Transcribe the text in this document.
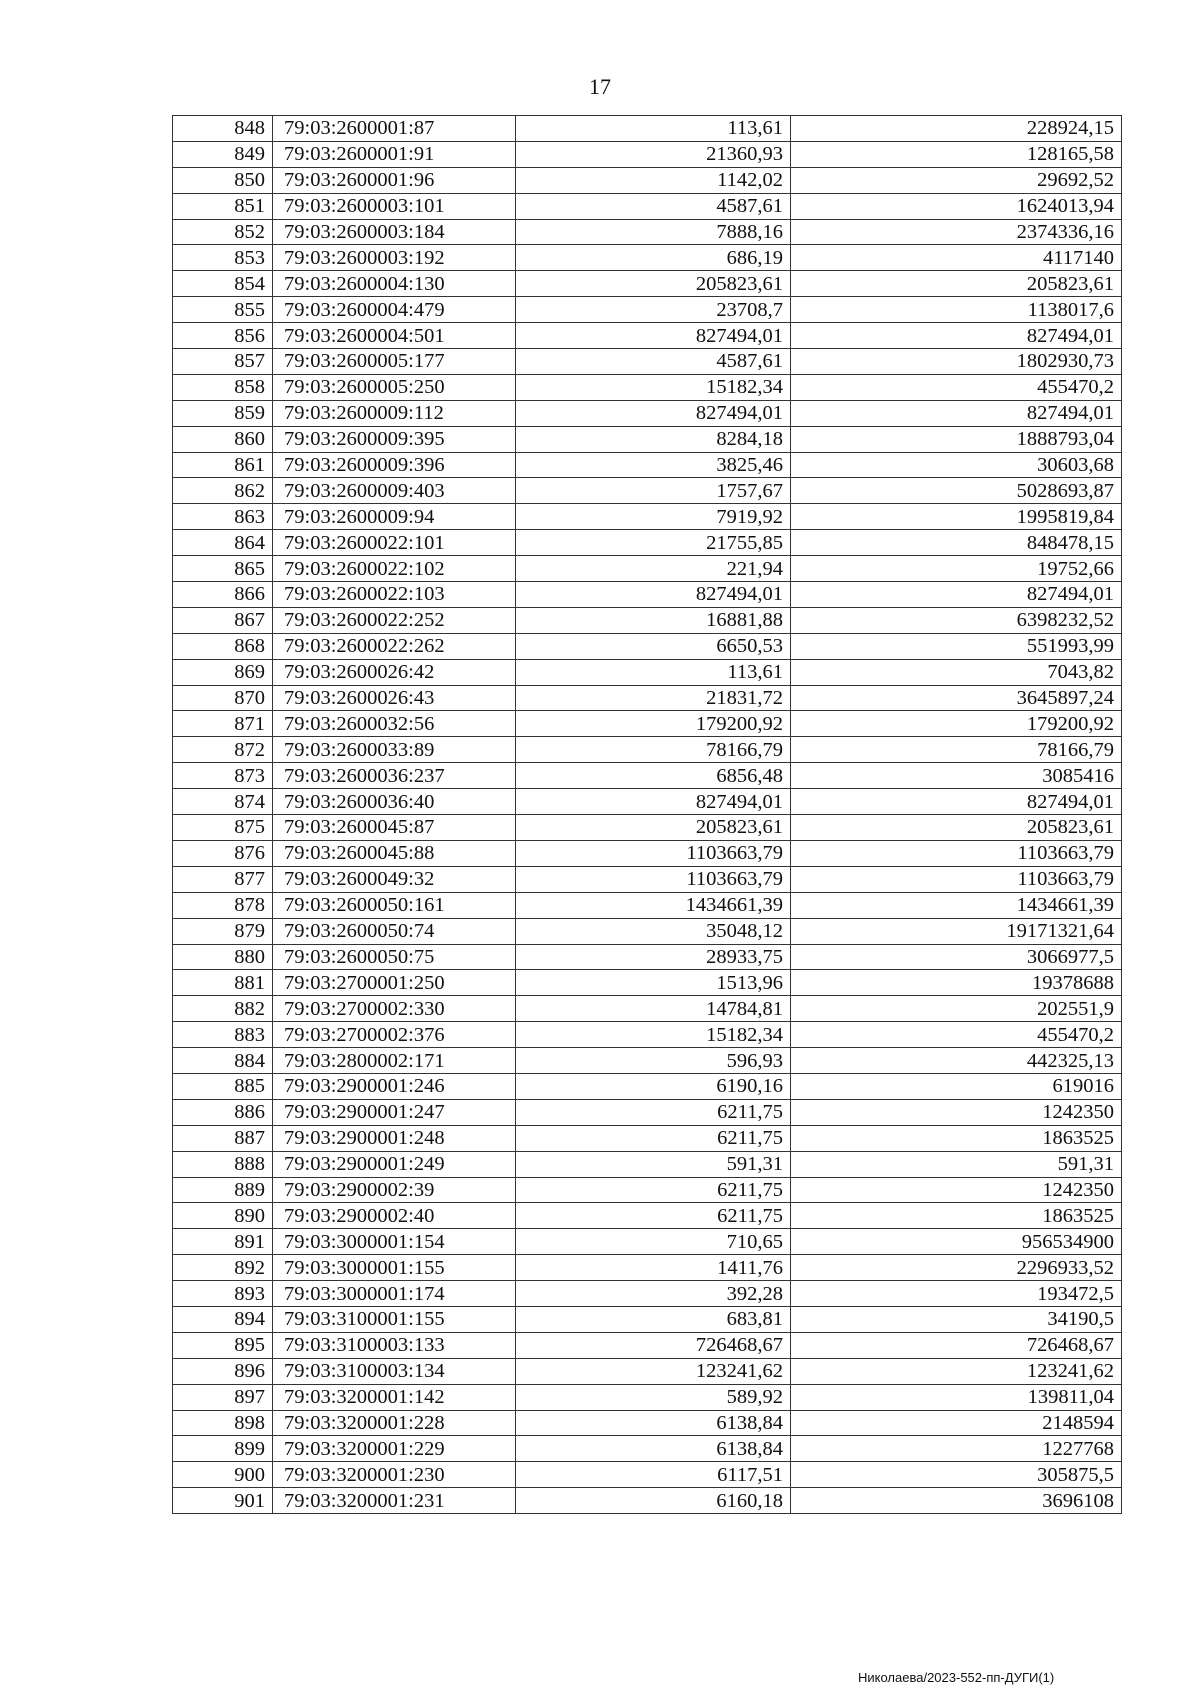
17
848	79:03:2600001:87	113,61	228924,15
849	79:03:2600001:91	21360,93	128165,58
850	79:03:2600001:96	1142,02	29692,52
851	79:03:2600003:101	4587,61	1624013,94
852	79:03:2600003:184	7888,16	2374336,16
853	79:03:2600003:192	686,19	4117140
854	79:03:2600004:130	205823,61	205823,61
855	79:03:2600004:479	23708,7	1138017,6
856	79:03:2600004:501	827494,01	827494,01
857	79:03:2600005:177	4587,61	1802930,73
858	79:03:2600005:250	15182,34	455470,2
859	79:03:2600009:112	827494,01	827494,01
860	79:03:2600009:395	8284,18	1888793,04
861	79:03:2600009:396	3825,46	30603,68
862	79:03:2600009:403	1757,67	5028693,87
863	79:03:2600009:94	7919,92	1995819,84
864	79:03:2600022:101	21755,85	848478,15
865	79:03:2600022:102	221,94	19752,66
866	79:03:2600022:103	827494,01	827494,01
867	79:03:2600022:252	16881,88	6398232,52
868	79:03:2600022:262	6650,53	551993,99
869	79:03:2600026:42	113,61	7043,82
870	79:03:2600026:43	21831,72	3645897,24
871	79:03:2600032:56	179200,92	179200,92
872	79:03:2600033:89	78166,79	78166,79
873	79:03:2600036:237	6856,48	3085416
874	79:03:2600036:40	827494,01	827494,01
875	79:03:2600045:87	205823,61	205823,61
876	79:03:2600045:88	1103663,79	1103663,79
877	79:03:2600049:32	1103663,79	1103663,79
878	79:03:2600050:161	1434661,39	1434661,39
879	79:03:2600050:74	35048,12	19171321,64
880	79:03:2600050:75	28933,75	3066977,5
881	79:03:2700001:250	1513,96	19378688
882	79:03:2700002:330	14784,81	202551,9
883	79:03:2700002:376	15182,34	455470,2
884	79:03:2800002:171	596,93	442325,13
885	79:03:2900001:246	6190,16	619016
886	79:03:2900001:247	6211,75	1242350
887	79:03:2900001:248	6211,75	1863525
888	79:03:2900001:249	591,31	591,31
889	79:03:2900002:39	6211,75	1242350
890	79:03:2900002:40	6211,75	1863525
891	79:03:3000001:154	710,65	956534900
892	79:03:3000001:155	1411,76	2296933,52
893	79:03:3000001:174	392,28	193472,5
894	79:03:3100001:155	683,81	34190,5
895	79:03:3100003:133	726468,67	726468,67
896	79:03:3100003:134	123241,62	123241,62
897	79:03:3200001:142	589,92	139811,04
898	79:03:3200001:228	6138,84	2148594
899	79:03:3200001:229	6138,84	1227768
900	79:03:3200001:230	6117,51	305875,5
901	79:03:3200001:231	6160,18	3696108
Николаева/2023-552-пп-ДУГИ(1)
